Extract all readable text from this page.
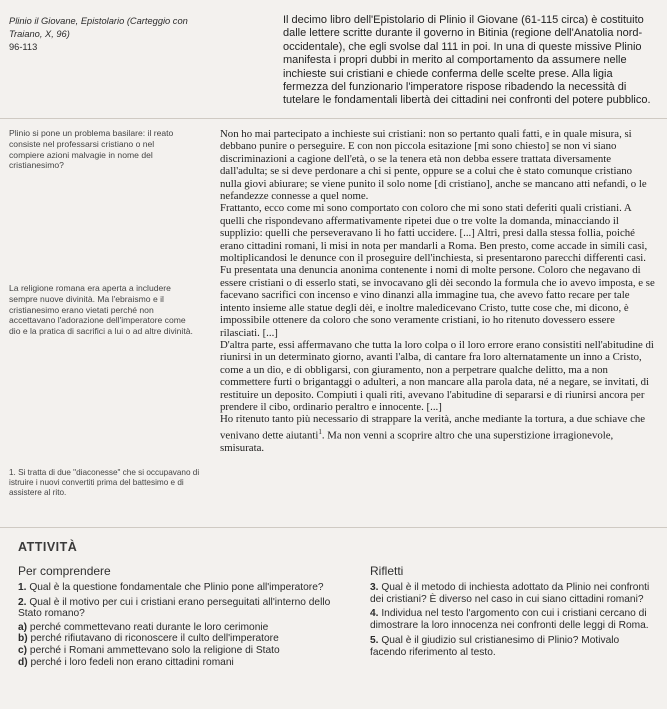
Plinio il Giovane, Epistolario (Carteggio con
Traiano, X, 96)
96-113
Il decimo libro dell'Epistolario di Plinio il Giovane (61-115 circa) è costituito dalle lettere scritte durante il governo in Bitinia (regione dell'Anatolia nord-occidentale), che egli svolse dal 111 in poi. In una di queste missive Plinio manifesta i propri dubbi in merito al comportamento da assumere nelle inchieste sui cristiani e chiede conferma delle scelte prese. Alla ligia fermezza del funzionario l'imperatore rispose ribadendo la necessità di tutelare le fondamentali libertà dei cittadini nei confronti del potere pubblico.
Plinio si pone un problema basilare: il reato consiste nel professarsi cristiano o nel compiere azioni malvagie in nome del cristianesimo?
La religione romana era aperta a includere sempre nuove divinità. Ma l'ebraismo e il cristianesimo erano vietati perché non accettavano l'adorazione dell'imperatore come dio e la pratica di sacrifici a lui o ad altre divinità.
1. Si tratta di due "diaconesse" che si occupavano di istruire i nuovi convertiti prima del battesimo e di assistere al rito.

Non ho mai partecipato a inchieste sui cristiani: non so pertanto quali fatti, e in quale misura, si debbano punire o perseguire. E con non piccola esitazione [mi sono chiesto] se non vi siano discriminazioni a cagione dell'età, o se la tenera età non debba essere trattata diversamente dall'adulta; se si deve perdonare a chi si pente, oppure se a colui che è stato comunque cristiano nulla giovi abiurare; se viene punito il solo nome [di cristiano], anche se mancano atti nefandi, o le nefandezze connesse a quel nome.

Frattanto, ecco come mi sono comportato con coloro che mi sono stati deferiti quali cristiani. A quelli che rispondevano affermativamente ripetei due o tre volte la domanda, minacciando il supplizio: quelli che perseveravano li ho fatti uccidere. [...] Altri, presi dalla stessa follia, poiché erano cittadini romani, li misi in nota per mandarli a Roma. Ben presto, come accade in simili casi, moltiplicandosi le denunce con il proseguire dell'inchiesta, si presentarono parecchi differenti casi. Fu presentata una denuncia anonima contenente i nomi di molte persone. Coloro che negavano di essere cristiani o di esserlo stati, se invocavano gli dèi secondo la formula che io avevo imposta, e se facevano sacrifici con incenso e vino dinanzi alla immagine tua, che avevo fatto recare per tale intento insieme alle statue degli dèi, e inoltre maledicevano Cristo, tutte cose che, mi dicono, è impossibile ottenere da coloro che sono veramente cristiani, io ho ritenuto dovessero essere rilasciati. [...]

D'altra parte, essi affermavano che tutta la loro colpa o il loro errore erano consistiti nell'abitudine di riunirsi in un determinato giorno, avanti l'alba, di cantare fra loro alternatamente un inno a Cristo, come a un dio, e di obbligarsi, con giuramento, non a perpetrare qualche delitto, ma a non commettere furti o brigantaggi o adulteri, a non mancare alla parola data, né a negare, se invitati, di restituire un deposito. Compiuti i quali riti, avevano l'abitudine di separarsi e di riunirsi ancora per prendere il cibo, ordinario peraltro e innocente. [...]

Ho ritenuto tanto più necessario di strappare la verità, anche mediante la tortura, a due schiave che venivano dette aiutanti$^1$. Ma non venni a scoprire altro che una superstizione irragionevole, smisurata.

ATTIVITÀ
Per comprendere	Rifletti
1. Qual è la questione fondamentale che Plinio pone all'imperatore?
2. Qual è il motivo per cui i cristiani erano perseguitati all'interno dello Stato romano?
a) perché commettevano reati durante le loro cerimonie
b) perché rifiutavano di riconoscere il culto dell'imperatore
c) perché i Romani ammettevano solo la religione di Stato
d) perché i loro fedeli non erano cittadini romani
3. Qual è il metodo di inchiesta adottato da Plinio nei confronti dei cristiani? È diverso nel caso in cui siano cittadini romani?
4. Individua nel testo l'argomento con cui i cristiani cercano di dimostrare la loro innocenza nei confronti delle leggi di Roma.
5. Qual è il giudizio sul cristianesimo di Plinio? Motivalo facendo riferimento al testo.
